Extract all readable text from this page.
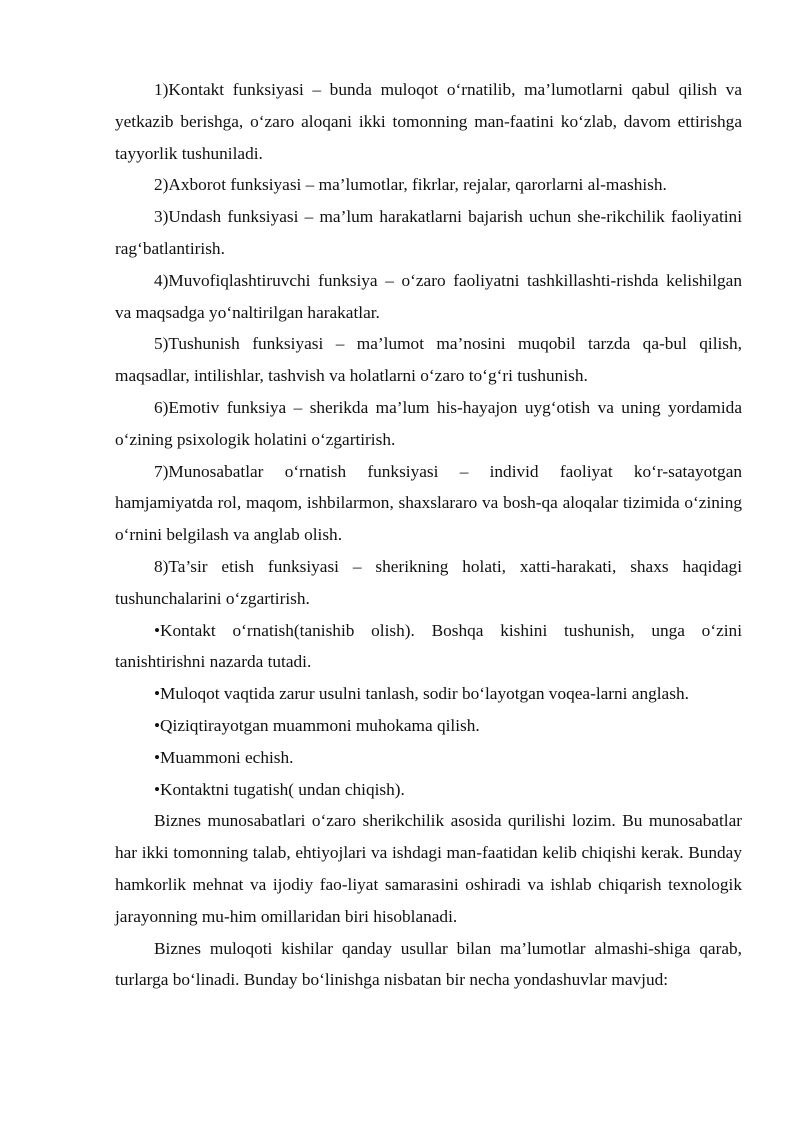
1)Kontakt funksiyasi – bunda muloqot o‘rnatilib, ma’lumotlarni qabul qilish va yetkazib berishga, o‘zaro aloqani ikki tomonning man-faatini ko‘zlab, davom ettirishga tayyorlik tushuniladi.

2)Axborot funksiyasi – ma’lumotlar, fikrlar, rejalar, qarorlarni al-mashish.

3)Undash funksiyasi – ma’lum harakatlarni bajarish uchun she-rikchilik faoliyatini rag‘batlantirish.

4)Muvofiqlashtiruvchi funksiya – o‘zaro faoliyatni tashkillashti-rishda kelishilgan va maqsadga yo‘naltirilgan harakatlar.

5)Tushunish funksiyasi – ma’lumot ma’nosini muqobil tarzda qa-bul qilish, maqsadlar, intilishlar, tashvish va holatlarni o‘zaro to‘g‘ri tushunish.

6)Emotiv funksiya – sherikda ma’lum his-hayajon uyg‘otish va uning yordamida o‘zining psixologik holatini o‘zgartirish.

7)Munosabatlar o‘rnatish funksiyasi – individ faoliyat ko‘r-satayotgan hamjamiyatda rol, maqom, ishbilarmon, shaxslararo va bosh-qa aloqalar tizimida o‘zining o‘rnini belgilash va anglab olish.

8)Ta’sir etish funksiyasi – sherikning holati, xatti-harakati, shaxs haqidagi tushunchalarini o‘zgartirish.

•Kontakt o‘rnatish(tanishib olish). Boshqa kishini tushunish, unga o‘zini tanishtirishni nazarda tutadi.

•Muloqot vaqtida zarur usulni tanlash, sodir bo‘layotgan voqea-larni anglash.

•Qiziqtirayotgan muammoni muhokama qilish.

•Muammoni echish.

•Kontaktni tugatish( undan chiqish).

Biznes munosabatlari o‘zaro sherikchilik asosida qurilishi lozim. Bu munosabatlar har ikki tomonning talab, ehtiyojlari va ishdagi man-faatidan kelib chiqishi kerak. Bunday hamkorlik mehnat va ijodiy fao-liyat samarasini oshiradi va ishlab chiqarish texnologik jarayonning mu-him omillaridan biri hisoblanadi.

Biznes muloqoti kishilar qanday usullar bilan ma’lumotlar almashi-shiga qarab, turlarga bo‘linadi. Bunday bo‘linishga nisbatan bir necha yondashuvlar mavjud:
